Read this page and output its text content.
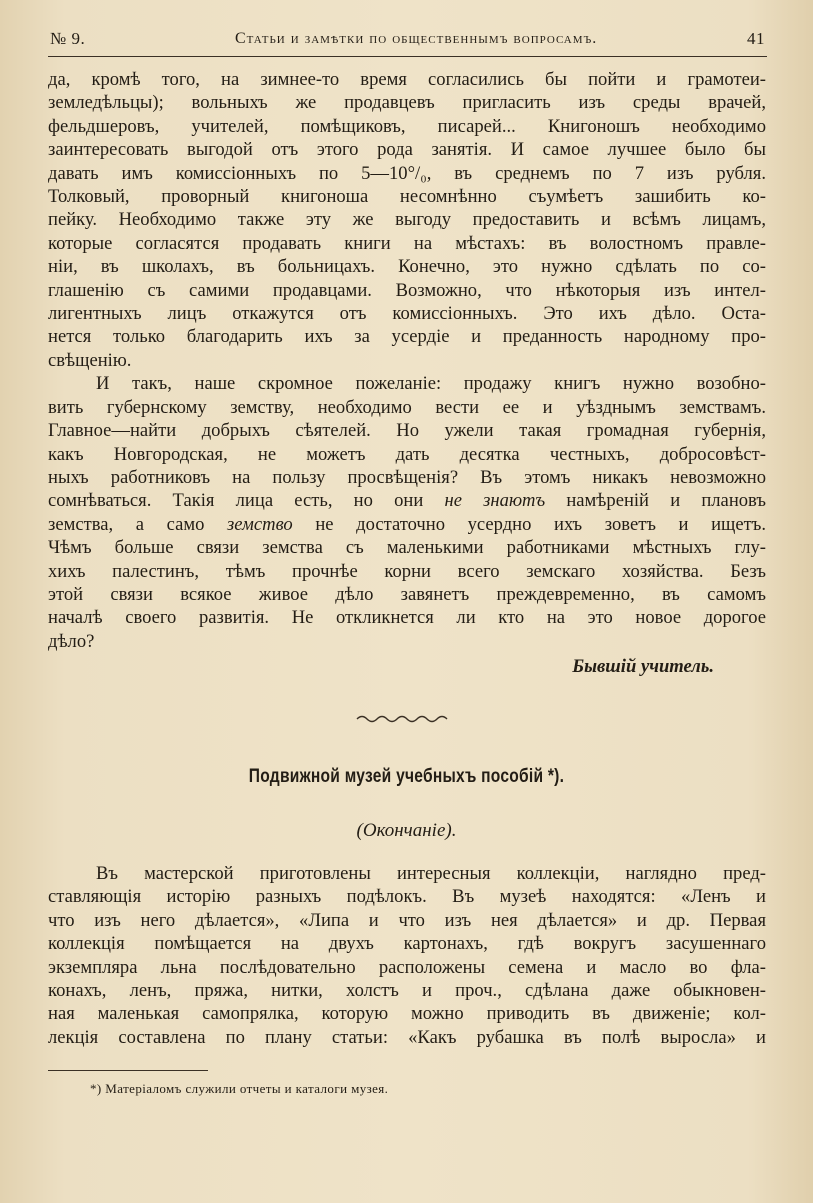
№ 9.	Статьи и замѣтки по общественнымъ вопросамъ.	41
да, кромѣ того, на зимнее-то время согласились бы пойти и грамотеи-
земледѣльцы); вольныхъ же продавцевъ пригласить изъ среды врачей,
фельдшеровъ, учителей, помѣщиковъ, писарей... Книгоношъ необходимо
заинтересовать выгодой отъ этого рода занятія. И самое лучшее было бы
давать имъ комиссіонныхъ по 5—10°/₀, въ среднемъ по 7 изъ рубля.
Толковый, проворный книгоноша несомнѣнно съумѣетъ зашибить ко-
пейку. Необходимо также эту же выгоду предоставить и всѣмъ лицамъ,
которые согласятся продавать книги на мѣстахъ: въ волостномъ правле-
ніи, въ школахъ, въ больницахъ. Конечно, это нужно сдѣлать по со-
глашенію съ самими продавцами. Возможно, что нѣкоторыя изъ интел-
лигентныхъ лицъ откажутся отъ комиссіонныхъ. Это ихъ дѣло. Оста-
нется только благодарить ихъ за усердіе и преданность народному про-
свѣщенію.
И такъ, наше скромное пожеланіе: продажу книгъ нужно возобно-
вить губернскому земству, необходимо вести ее и уѣзднымъ земствамъ.
Главное—найти добрыхъ сѣятелей. Но ужели такая громадная губернія,
какъ Новгородская, не можетъ дать десятка честныхъ, добросовѣст-
ныхъ работниковъ на пользу просвѣщенія? Въ этомъ никакъ невозможно
сомнѣваться. Такія лица есть, но они не знаютъ намѣреній и плановъ
земства, а само земство не достаточно усердно ихъ зоветъ и ищетъ.
Чѣмъ больше связи земства съ маленькими работниками мѣстныхъ глу-
хихъ палестинъ, тѣмъ прочнѣе корни всего земскаго хозяйства. Безъ
этой связи всякое живое дѣло завянетъ преждевременно, въ самомъ
началѣ своего развитія. Не откликнется ли кто на это новое дорогое
дѣло?
Бывшій учитель.
Подвижной музей учебныхъ пособій *).
(Окончаніе).
Въ мастерской приготовлены интересныя коллекціи, наглядно пред-
ставляющія исторію разныхъ подѣлокъ. Въ музеѣ находятся: «Ленъ и
что изъ него дѣлается», «Липа и что изъ нея дѣлается» и др. Первая
коллекція помѣщается на двухъ картонахъ, гдѣ вокругъ засушеннаго
экземпляра льна послѣдовательно расположены семена и масло во фла-
конахъ, ленъ, пряжа, нитки, холстъ и проч., сдѣлана даже обыкновен-
ная маленькая самопрялка, которую можно приводить въ движеніе; кол-
лекція составлена по плану статьи: «Какъ рубашка въ полѣ выросла» и
*) Матеріаломъ служили отчеты и каталоги музея.
